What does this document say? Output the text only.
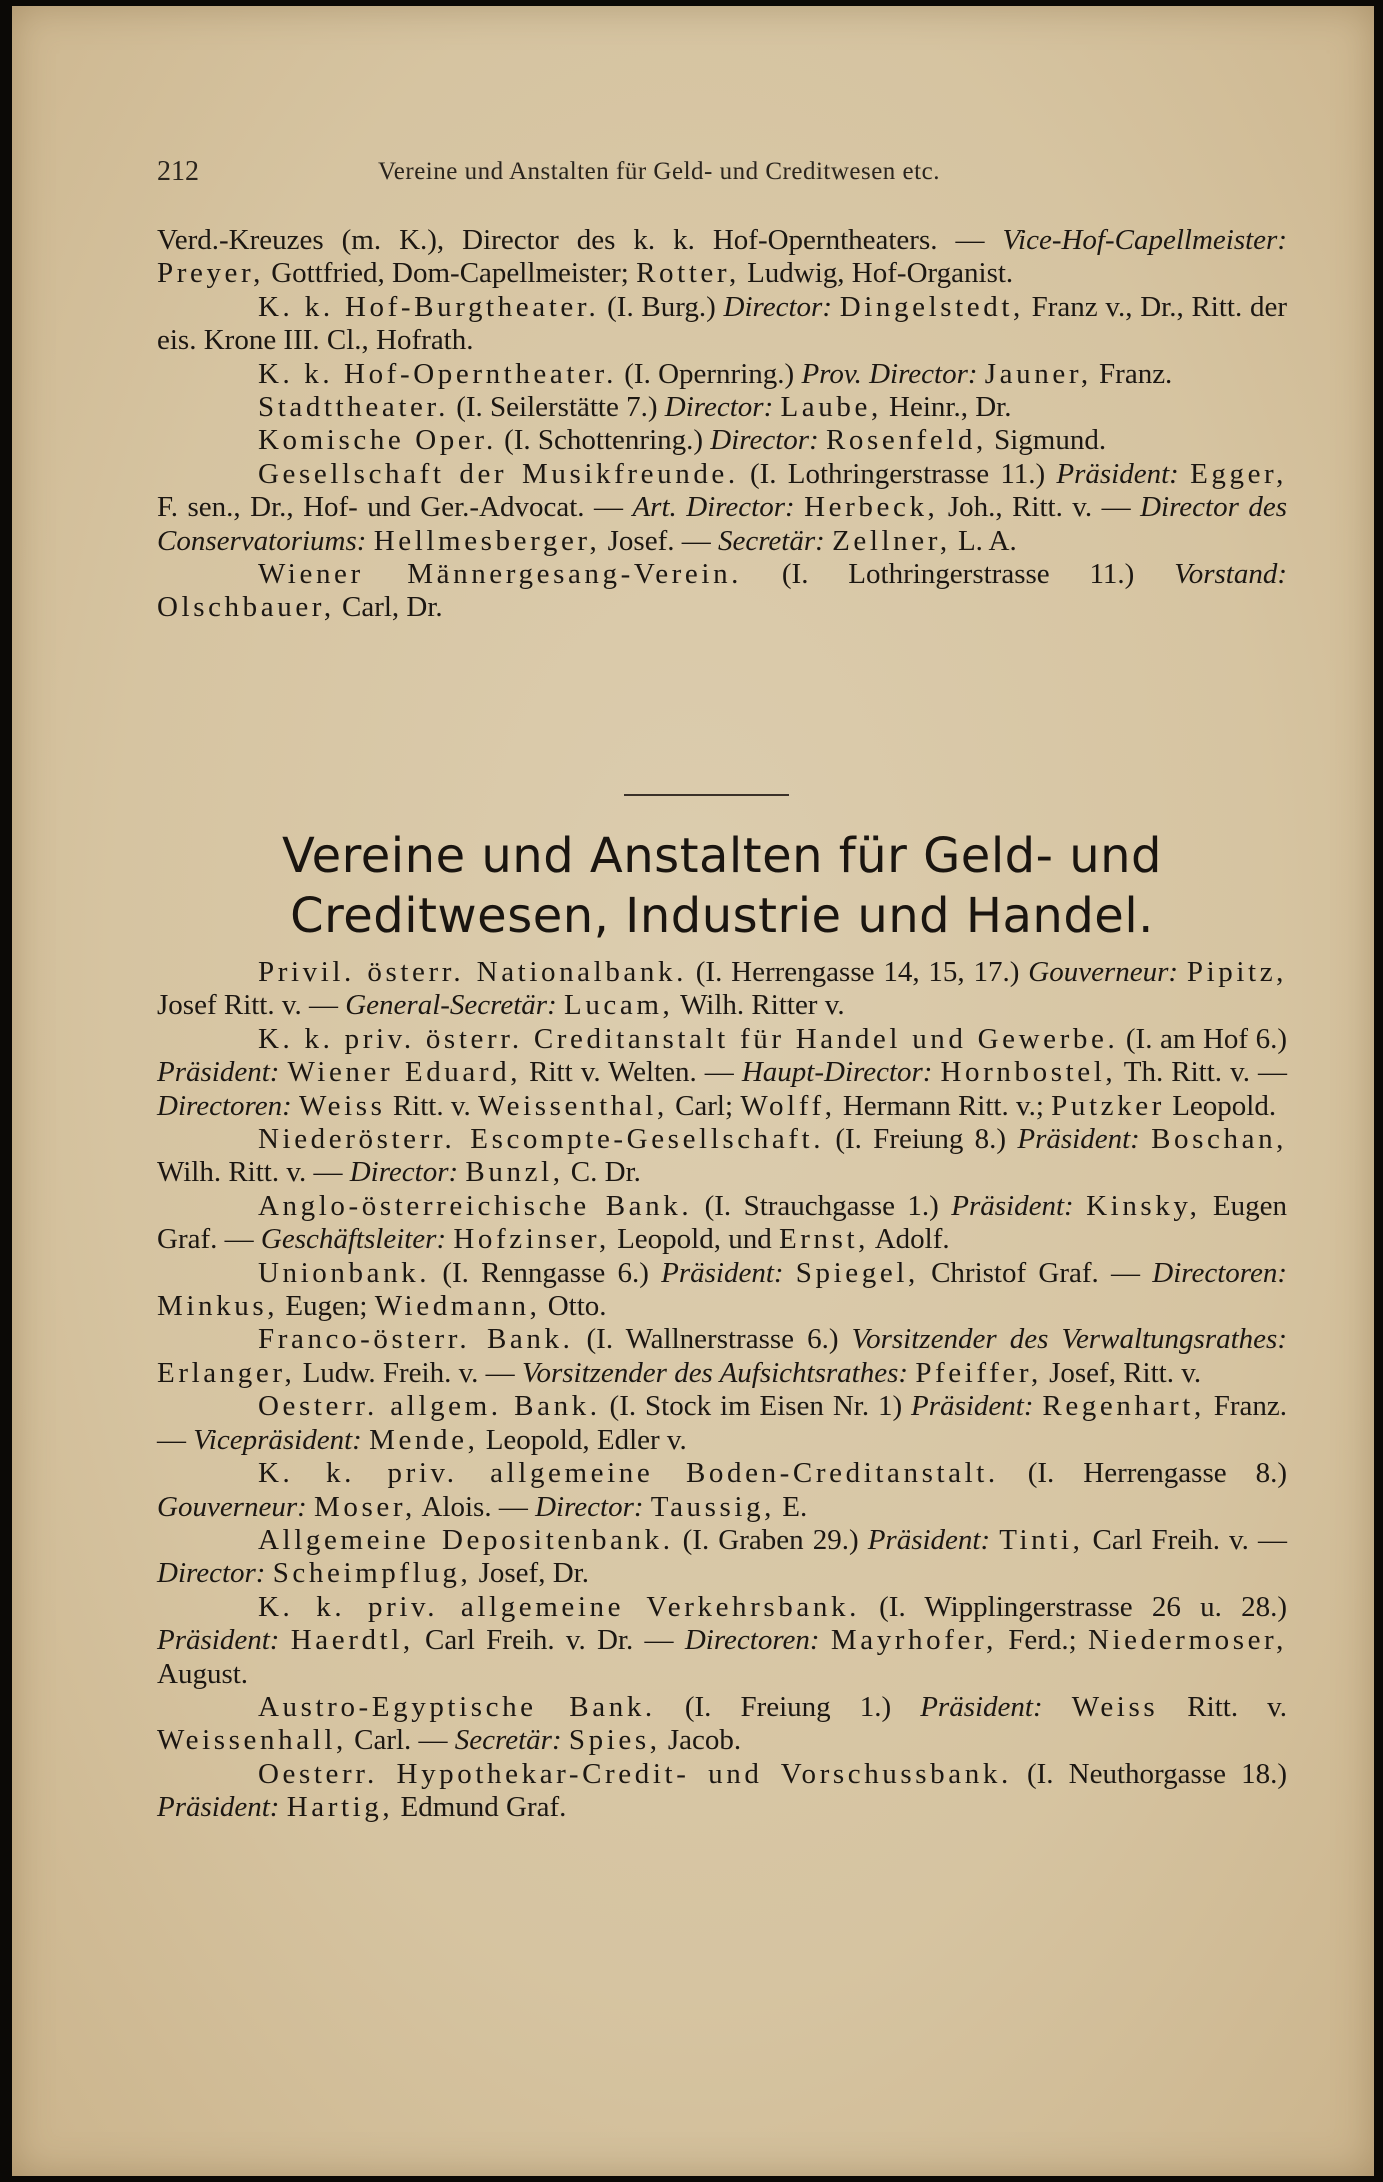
212	Vereine und Anstalten für Geld- und Creditwesen etc.

Verd.-Kreuzes (m. K.), Director des k. k. Hof-Operntheaters. — Vice-Hof-Capellmeister: Preyer, Gottfried, Dom-Capellmeister; Rotter, Ludwig, Hof-Organist.

K. k. Hof-Burgtheater. (I. Burg.) Director: Dingelstedt, Franz v., Dr., Ritt. der eis. Krone III. Cl., Hofrath.

K. k. Hof-Operntheater. (I. Opernring.) Prov. Director: Jauner, Franz.

Stadttheater. (I. Seilerstätte 7.) Director: Laube, Heinr., Dr.

Komische Oper. (I. Schottenring.) Director: Rosenfeld, Sigmund.

Gesellschaft der Musikfreunde. (I. Lothringerstrasse 11.) Präsident: Egger, F. sen., Dr., Hof- und Ger.-Advocat. — Art. Director: Herbeck, Joh., Ritt. v. — Director des Conservatoriums: Hellmesberger, Josef. — Secretär: Zellner, L. A.

Wiener Männergesang-Verein. (I. Lothringerstrasse 11.) Vorstand: Olschbauer, Carl, Dr.

Vereine und Anstalten für Geld- und Creditwesen, Industrie und Handel.

Privil. österr. Nationalbank. (I. Herrengasse 14, 15, 17.) Gouverneur: Pipitz, Josef Ritt. v. — General-Secretär: Lucam, Wilh. Ritter v.

K. k. priv. österr. Creditanstalt für Handel und Gewerbe. (I. am Hof 6.) Präsident: Wiener Eduard, Ritt v. Welten. — Haupt-Director: Hornbostel, Th. Ritt. v. — Directoren: Weiss Ritt. v. Weissenthal, Carl; Wolff, Hermann Ritt. v.; Putzker Leopold.

Niederösterr. Escompte-Gesellschaft. (I. Freiung 8.) Präsident: Boschan, Wilh. Ritt. v. — Director: Bunzl, C. Dr.

Anglo-österreichische Bank. (I. Strauchgasse 1.) Präsident: Kinsky, Eugen Graf. — Geschäftsleiter: Hofzinser, Leopold, und Ernst, Adolf.

Unionbank. (I. Renngasse 6.) Präsident: Spiegel, Christof Graf. — Directoren: Minkus, Eugen; Wiedmann, Otto.

Franco-österr. Bank. (I. Wallnerstrasse 6.) Vorsitzender des Verwaltungsrathes: Erlanger, Ludw. Freih. v. — Vorsitzender des Aufsichtsrathes: Pfeiffer, Josef, Ritt. v.

Oesterr. allgem. Bank. (I. Stock im Eisen Nr. 1) Präsident: Regenhart, Franz. — Vicepräsident: Mende, Leopold, Edler v.

K. k. priv. allgemeine Boden-Creditanstalt. (I. Herrengasse 8.) Gouverneur: Moser, Alois. — Director: Taussig, E.

Allgemeine Depositenbank. (I. Graben 29.) Präsident: Tinti, Carl Freih. v. — Director: Scheimpflug, Josef, Dr.

K. k. priv. allgemeine Verkehrsbank. (I. Wipplingerstrasse 26 u. 28.) Präsident: Haerdtl, Carl Freih. v. Dr. — Directoren: Mayrhofer, Ferd.; Niedermoser, August.

Austro-Egyptische Bank. (I. Freiung 1.) Präsident: Weiss Ritt. v. Weissenhall, Carl. — Secretär: Spies, Jacob.

Oesterr. Hypothekar-Credit- und Vorschussbank. (I. Neuthorgasse 18.) Präsident: Hartig, Edmund Graf.
